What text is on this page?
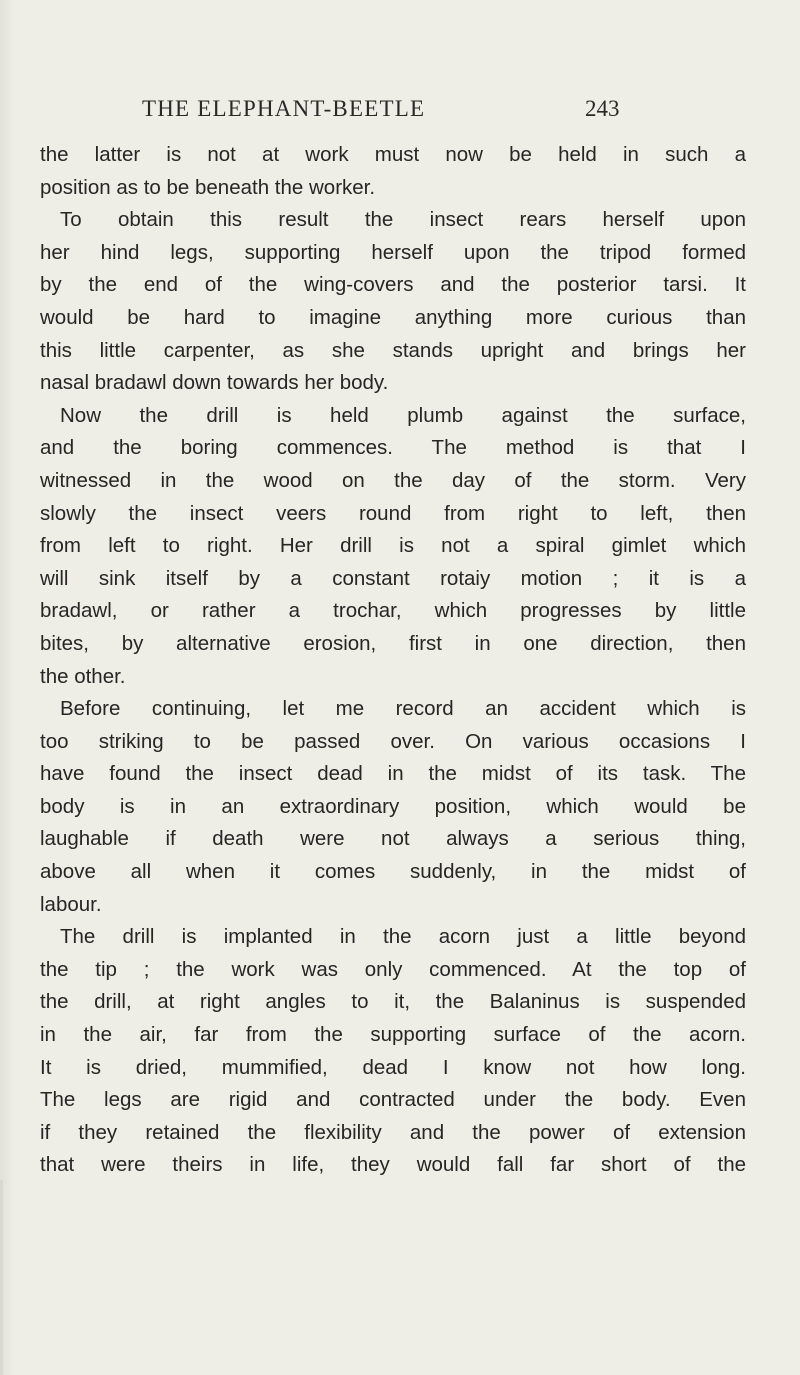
THE ELEPHANT-BEETLE	243
the latter is not at work must now be held in such a
position as to be beneath the worker.
To obtain this result the insect rears herself upon
her hind legs, supporting herself upon the tripod formed
by the end of the wing-covers and the posterior tarsi. It
would be hard to imagine anything more curious than
this little carpenter, as she stands upright and brings her
nasal bradawl down towards her body.
Now the drill is held plumb against the surface,
and the boring commences. The method is that I
witnessed in the wood on the day of the storm. Very
slowly the insect veers round from right to left, then
from left to right. Her drill is not a spiral gimlet which
will sink itself by a constant rotaiy motion ; it is a
bradawl, or rather a trochar, which progresses by little
bites, by alternative erosion, first in one direction, then
the other.
Before continuing, let me record an accident which is
too striking to be passed over. On various occasions I
have found the insect dead in the midst of its task. The
body is in an extraordinary position, which would be
laughable if death were not always a serious thing,
above all when it comes suddenly, in the midst of
labour.
The drill is implanted in the acorn just a little beyond
the tip ; the work was only commenced. At the top of
the drill, at right angles to it, the Balaninus is suspended
in the air, far from the supporting surface of the acorn.
It is dried, mummified, dead I know not how long.
The legs are rigid and contracted under the body. Even
if they retained the flexibility and the power of extension
that were theirs in life, they would fall far short of the
